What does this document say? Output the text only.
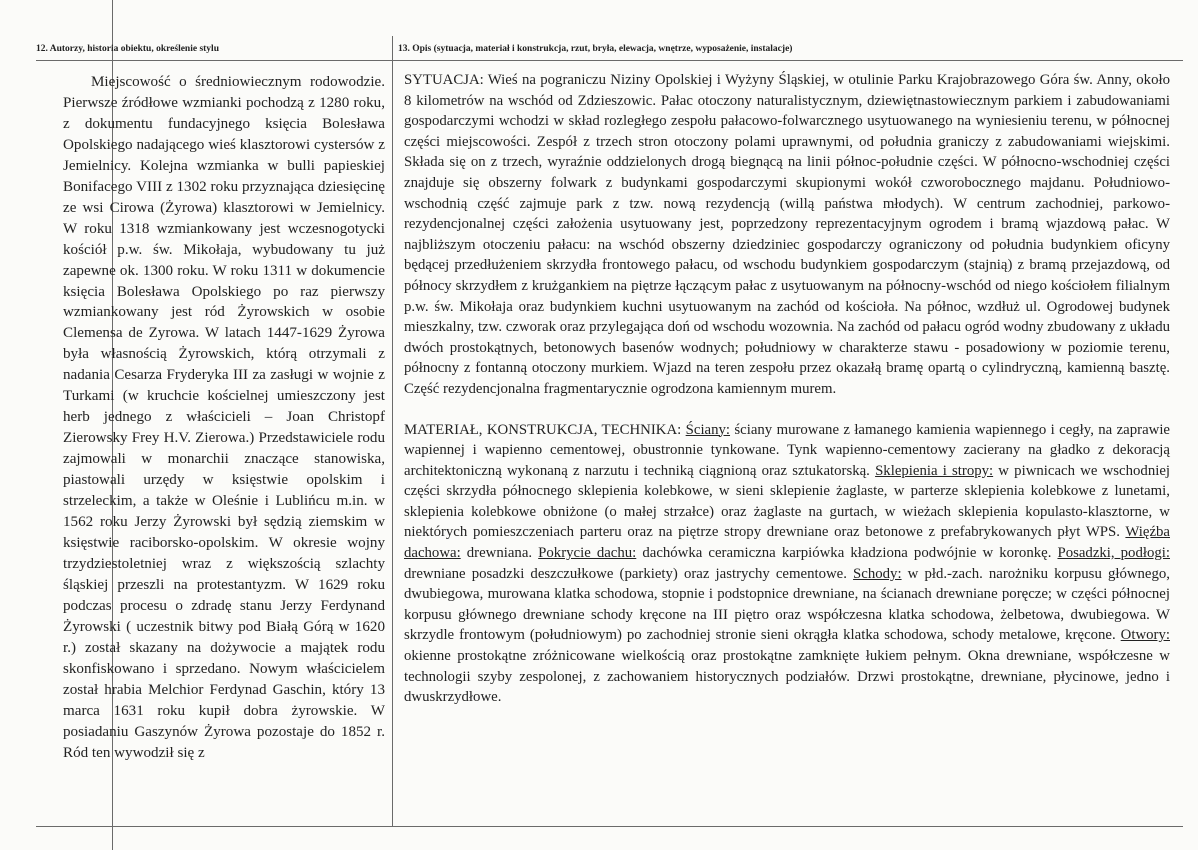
12. Autorzy, historia obiektu, określenie stylu	13. Opis (sytuacja, materiał i konstrukcja, rzut, bryła, elewacja, wnętrze, wyposażenie, instalacje)

Miejscowość o średniowiecznym rodowodzie. Pierwsze źródłowe wzmianki pochodzą z 1280 roku, z dokumentu fundacyjnego księcia Bolesława Opolskiego nadającego wieś klasztorowi cystersów z Jemielnicy. Kolejna wzmianka w bulli papieskiej Bonifacego VIII z 1302 roku przyznająca dziesięcinę ze wsi Cirowa (Żyrowa) klasztorowi w Jemielnicy. W roku 1318 wzmiankowany jest wczesnogotycki kościół p.w. św. Mikołaja, wybudowany tu już zapewne ok. 1300 roku. W roku 1311 w dokumencie księcia Bolesława Opolskiego po raz pierwszy wzmiankowany jest ród Żyrowskich w osobie Clemensa de Zyrowa. W latach 1447-1629 Żyrowa była własnością Żyrowskich, którą otrzymali z nadania Cesarza Fryderyka III za zasługi w wojnie z Turkami (w kruchcie kościelnej umieszczony jest herb jednego z właścicieli – Joan Christopf Zierowsky Frey H.V. Zierowa.) Przedstawiciele rodu zajmowali w monarchii znaczące stanowiska, piastowali urzędy w księstwie opolskim i strzeleckim, a także w Oleśnie i Lublińcu m.in. w 1562 roku Jerzy Żyrowski był sędzią ziemskim w księstwie raciborsko-opolskim. W okresie wojny trzydziestoletniej wraz z większością szlachty śląskiej przeszli na protestantyzm. W 1629 roku podczas procesu o zdradę stanu Jerzy Ferdynand Żyrowski ( uczestnik bitwy pod Białą Górą w 1620 r.) został skazany na dożywocie a majątek rodu skonfiskowano i sprzedano. Nowym właścicielem został hrabia Melchior Ferdynad Gaschin, który 13 marca 1631 roku kupił dobra żyrowskie. W posiadaniu Gaszynów Żyrowa pozostaje do 1852 r. Ród ten wywodził się z

SYTUACJA: Wieś na pograniczu Niziny Opolskiej i Wyżyny Śląskiej, w otulinie Parku Krajobrazowego Góra św. Anny, około 8 kilometrów na wschód od Zdzieszowic. Pałac otoczony naturalistycznym, dziewiętnastowiecznym parkiem i zabudowaniami gospodarczymi wchodzi w skład rozległego zespołu pałacowo-folwarcznego usytuowanego na wyniesieniu terenu, w północnej części miejscowości. Zespół z trzech stron otoczony polami uprawnymi, od południa graniczy z zabudowaniami wiejskimi. Składa się on z trzech, wyraźnie oddzielonych drogą biegnącą na linii północ-południe części. W północno-wschodniej części znajduje się obszerny folwark z budynkami gospodarczymi skupionymi wokół czworobocznego majdanu. Południowo-wschodnią część zajmuje park z tzw. nową rezydencją (willą państwa młodych). W centrum zachodniej, parkowo-rezydencjonalnej części założenia usytuowany jest, poprzedzony reprezentacyjnym ogrodem i bramą wjazdową pałac. W najbliższym otoczeniu pałacu: na wschód obszerny dziedziniec gospodarczy ograniczony od południa budynkiem oficyny będącej przedłużeniem skrzydła frontowego pałacu, od wschodu budynkiem gospodarczym (stajnią) z bramą przejazdową, od północy skrzydłem z krużgankiem na piętrze łączącym pałac z usytuowanym na północny-wschód od niego kościołem filialnym p.w. św. Mikołaja oraz budynkiem kuchni usytuowanym na zachód od kościoła. Na północ, wzdłuż ul. Ogrodowej budynek mieszkalny, tzw. czworak oraz przylegająca doń od wschodu wozownia. Na zachód od pałacu ogród wodny zbudowany z układu dwóch prostokątnych, betonowych basenów wodnych; południowy w charakterze stawu - posadowiony w poziomie terenu, północny z fontanną otoczony murkiem. Wjazd na teren zespołu przez okazałą bramę opartą o cylindryczną, kamienną basztę. Część rezydencjonalna fragmentarycznie ogrodzona kamiennym murem.

MATERIAŁ, KONSTRUKCJA, TECHNIKA: Ściany: ściany murowane z łamanego kamienia wapiennego i cegły, na zaprawie wapiennej i wapienno cementowej, obustronnie tynkowane. Tynk wapienno-cementowy zacierany na gładko z dekoracją architektoniczną wykonaną z narzutu i techniką ciągnioną oraz sztukatorską. Sklepienia i stropy: w piwnicach we wschodniej części skrzydła północnego sklepienia kolebkowe, w sieni sklepienie żaglaste, w parterze sklepienia kolebkowe z lunetami, sklepienia kolebkowe obniżone (o małej strzałce) oraz żaglaste na gurtach, w wieżach sklepienia kopulasto-klasztorne, w niektórych pomieszczeniach parteru oraz na piętrze stropy drewniane oraz betonowe z prefabrykowanych płyt WPS. Więźba dachowa: drewniana. Pokrycie dachu: dachówka ceramiczna karpiówka kładziona podwójnie w koronkę. Posadzki, podłogi: drewniane posadzki deszczułkowe (parkiety) oraz jastrychy cementowe. Schody: w płd.-zach. narożniku korpusu głównego, dwubiegowa, murowana klatka schodowa, stopnie i podstopnice drewniane, na ścianach drewniane poręcze; w części północnej korpusu głównego drewniane schody kręcone na III piętro oraz współczesna klatka schodowa, żelbetowa, dwubiegowa. W skrzydle frontowym (południowym) po zachodniej stronie sieni okrągła klatka schodowa, schody metalowe, kręcone. Otwory: okienne prostokątne zróżnicowane wielkością oraz prostokątne zamknięte łukiem pełnym. Okna drewniane, współczesne w technologii szyby zespolonej, z zachowaniem historycznych podziałów. Drzwi prostokątne, drewniane, płycinowe, jedno i dwuskrzydłowe.
